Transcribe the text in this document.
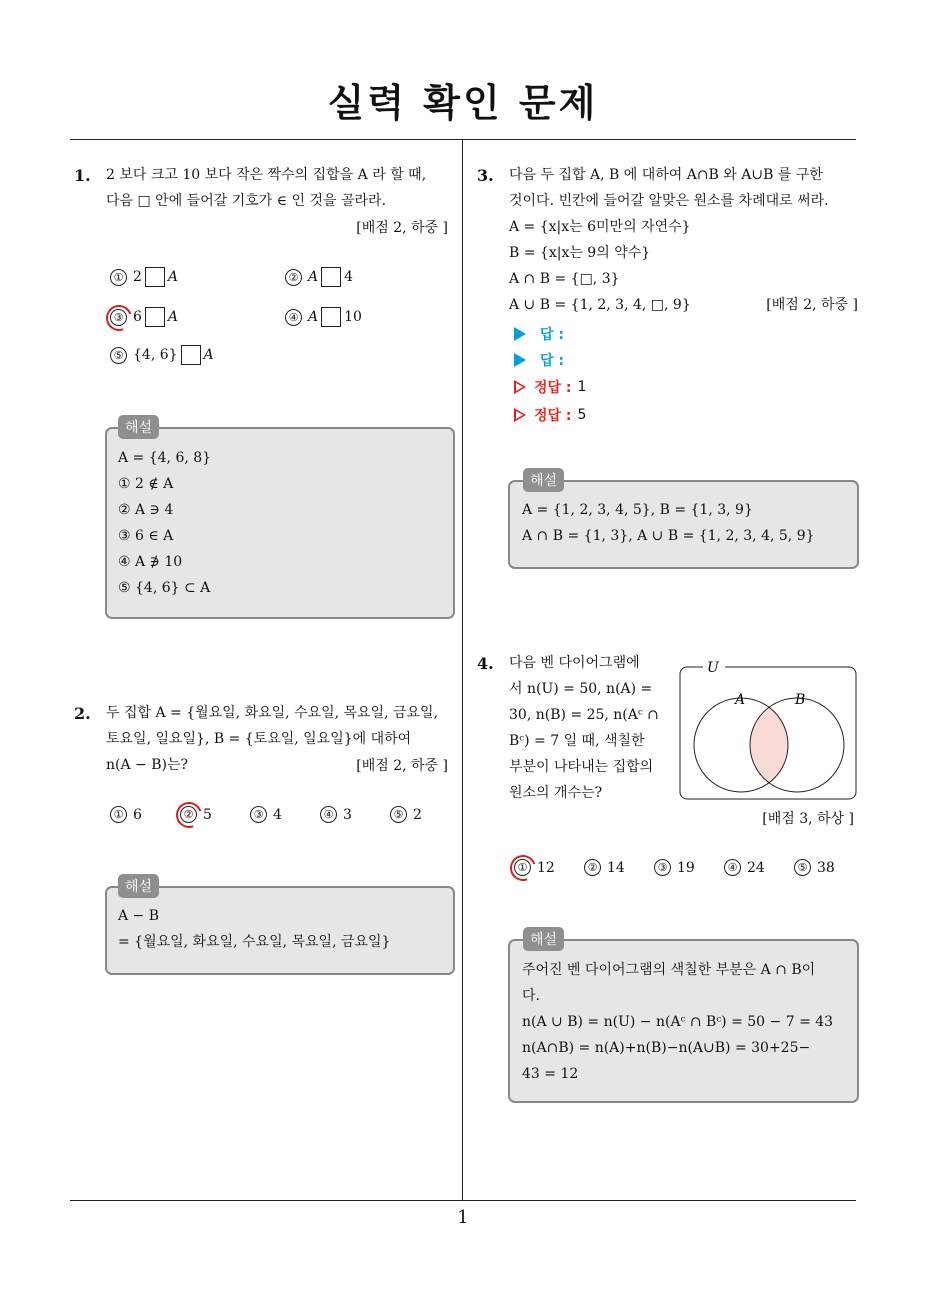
실력 확인 문제
1
1. 2 보다 크고 10 보다 작은 짝수의 집합을 A 라 할 때,
다음 □ 안에 들어갈 기호가 ∈ 인 것을 골라라.
[배점 2, 하중 ]
① 2 A	② A 4
③ 6 A	④ A 10
⑤ {4, 6} A
해설
A = {4, 6, 8}
① 2 ∉ A
② A ∋ 4
③ 6 ∈ A
④ A ∌ 10
⑤ {4, 6} ⊂ A
2. 두 집합 A = {월요일, 화요일, 수요일, 목요일, 금요일,
토요일, 일요일}, B = {토요일, 일요일}에 대하여
n(A − B)는?	[배점 2, 하중 ]
① 6	② 5	③ 4	④ 3	⑤ 2
해설
A − B
= {월요일, 화요일, 수요일, 목요일, 금요일}
3. 다음 두 집합 A, B 에 대하여 A∩B 와 A∪B 를 구한
것이다. 빈칸에 들어갈 알맞은 원소를 차례대로 써라.
A = {x|x는 6미만의 자연수}
B = {x|x는 9의 약수}
A ∩ B = {□, 3}
A ∪ B = {1, 2, 3, 4, □, 9}	[배점 2, 하중 ]
답 :
답 :
정답 : 1
정답 : 5
해설
A = {1, 2, 3, 4, 5}, B = {1, 3, 9}
A ∩ B = {1, 3}, A ∪ B = {1, 2, 3, 4, 5, 9}
4. 다음 벤 다이어그램에
서 n(U) = 50, n(A) =
30, n(B) = 25, n(Aᶜ ∩
Bᶜ) = 7 일 때, 색칠한
부분이 나타내는 집합의
원소의 개수는?
U
A	B
[배점 3, 하상 ]
① 12	② 14	③ 19	④ 24	⑤ 38
해설
주어진 벤 다이어그램의 색칠한 부분은 A ∩ B이
다.
n(A ∪ B) = n(U) − n(Aᶜ ∩ Bᶜ) = 50 − 7 = 43
n(A∩B) = n(A)+n(B)−n(A∪B) = 30+25−
43 = 12
